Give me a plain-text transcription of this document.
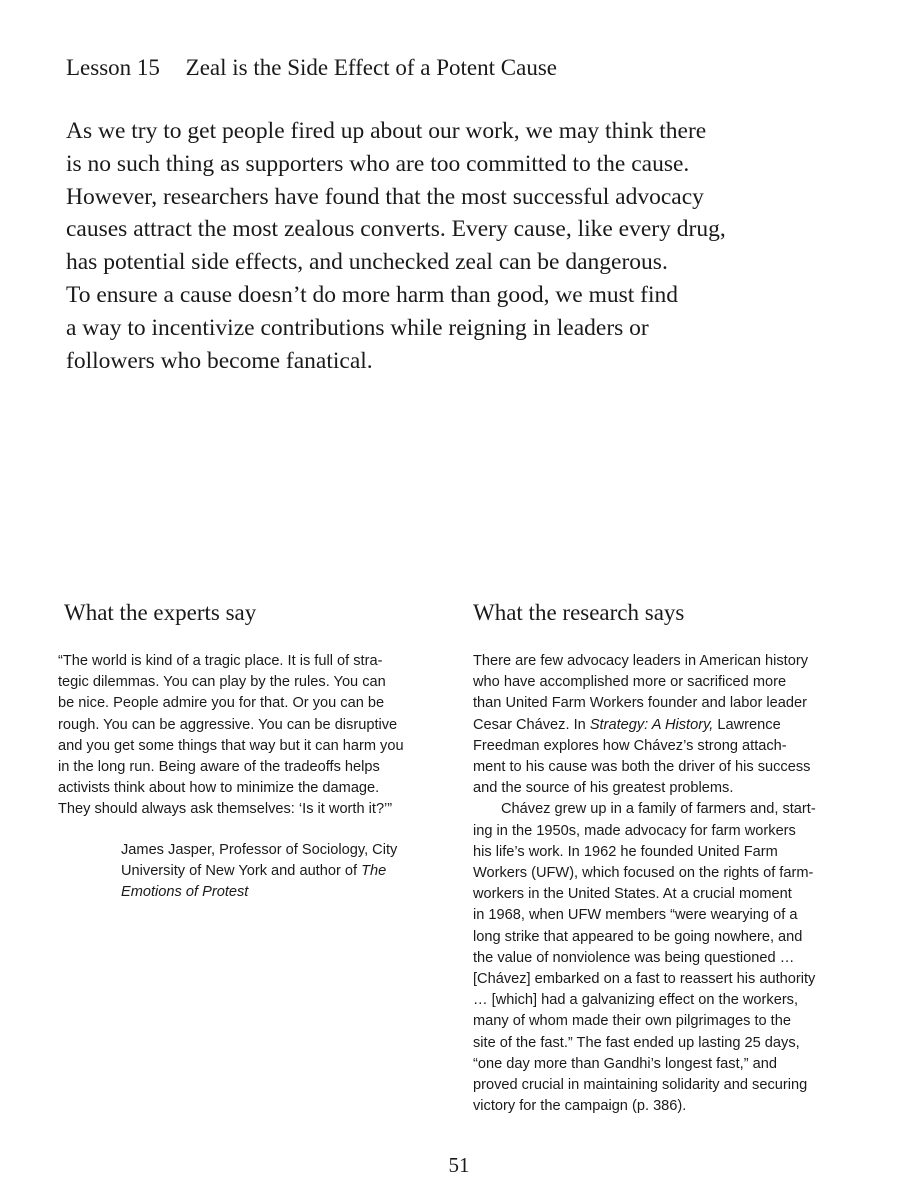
Lesson 15 Zeal is the Side Effect of a Potent Cause

As we try to get people fired up about our work, we may think there
is no such thing as supporters who are too committed to the cause.
However, researchers have found that the most successful advocacy
causes attract the most zealous converts. Every cause, like every drug,
has potential side effects, and unchecked zeal can be dangerous.
To ensure a cause doesn’t do more harm than good, we must find
a way to incentivize contributions while reigning in leaders or
followers who become fanatical.

What the experts say	What the research says

“The world is kind of a tragic place. It is full of stra-
tegic dilemmas. You can play by the rules. You can
be nice. People admire you for that. Or you can be
rough. You can be aggressive. You can be disruptive
and you get some things that way but it can harm you
in the long run. Being aware of the tradeoffs helps
activists think about how to minimize the damage.
They should always ask themselves: ‘Is it worth it?’”

James Jasper, Professor of Sociology, City
University of New York and author of The
Emotions of Protest

There are few advocacy leaders in American history
who have accomplished more or sacrificed more
than United Farm Workers founder and labor leader
Cesar Chávez. In Strategy: A History, Lawrence
Freedman explores how Chávez’s strong attach-
ment to his cause was both the driver of his success
and the source of his greatest problems.

Chávez grew up in a family of farmers and, start-
ing in the 1950s, made advocacy for farm workers
his life’s work. In 1962 he founded United Farm
Workers (UFW), which focused on the rights of farm-
workers in the United States. At a crucial moment
in 1968, when UFW members “were wearying of a
long strike that appeared to be going nowhere, and
the value of nonviolence was being questioned …
[Chávez] embarked on a fast to reassert his authority
… [which] had a galvanizing effect on the workers,
many of whom made their own pilgrimages to the
site of the fast.” The fast ended up lasting 25 days,
“one day more than Gandhi’s longest fast,” and
proved crucial in maintaining solidarity and securing
victory for the campaign (p. 386).

51
